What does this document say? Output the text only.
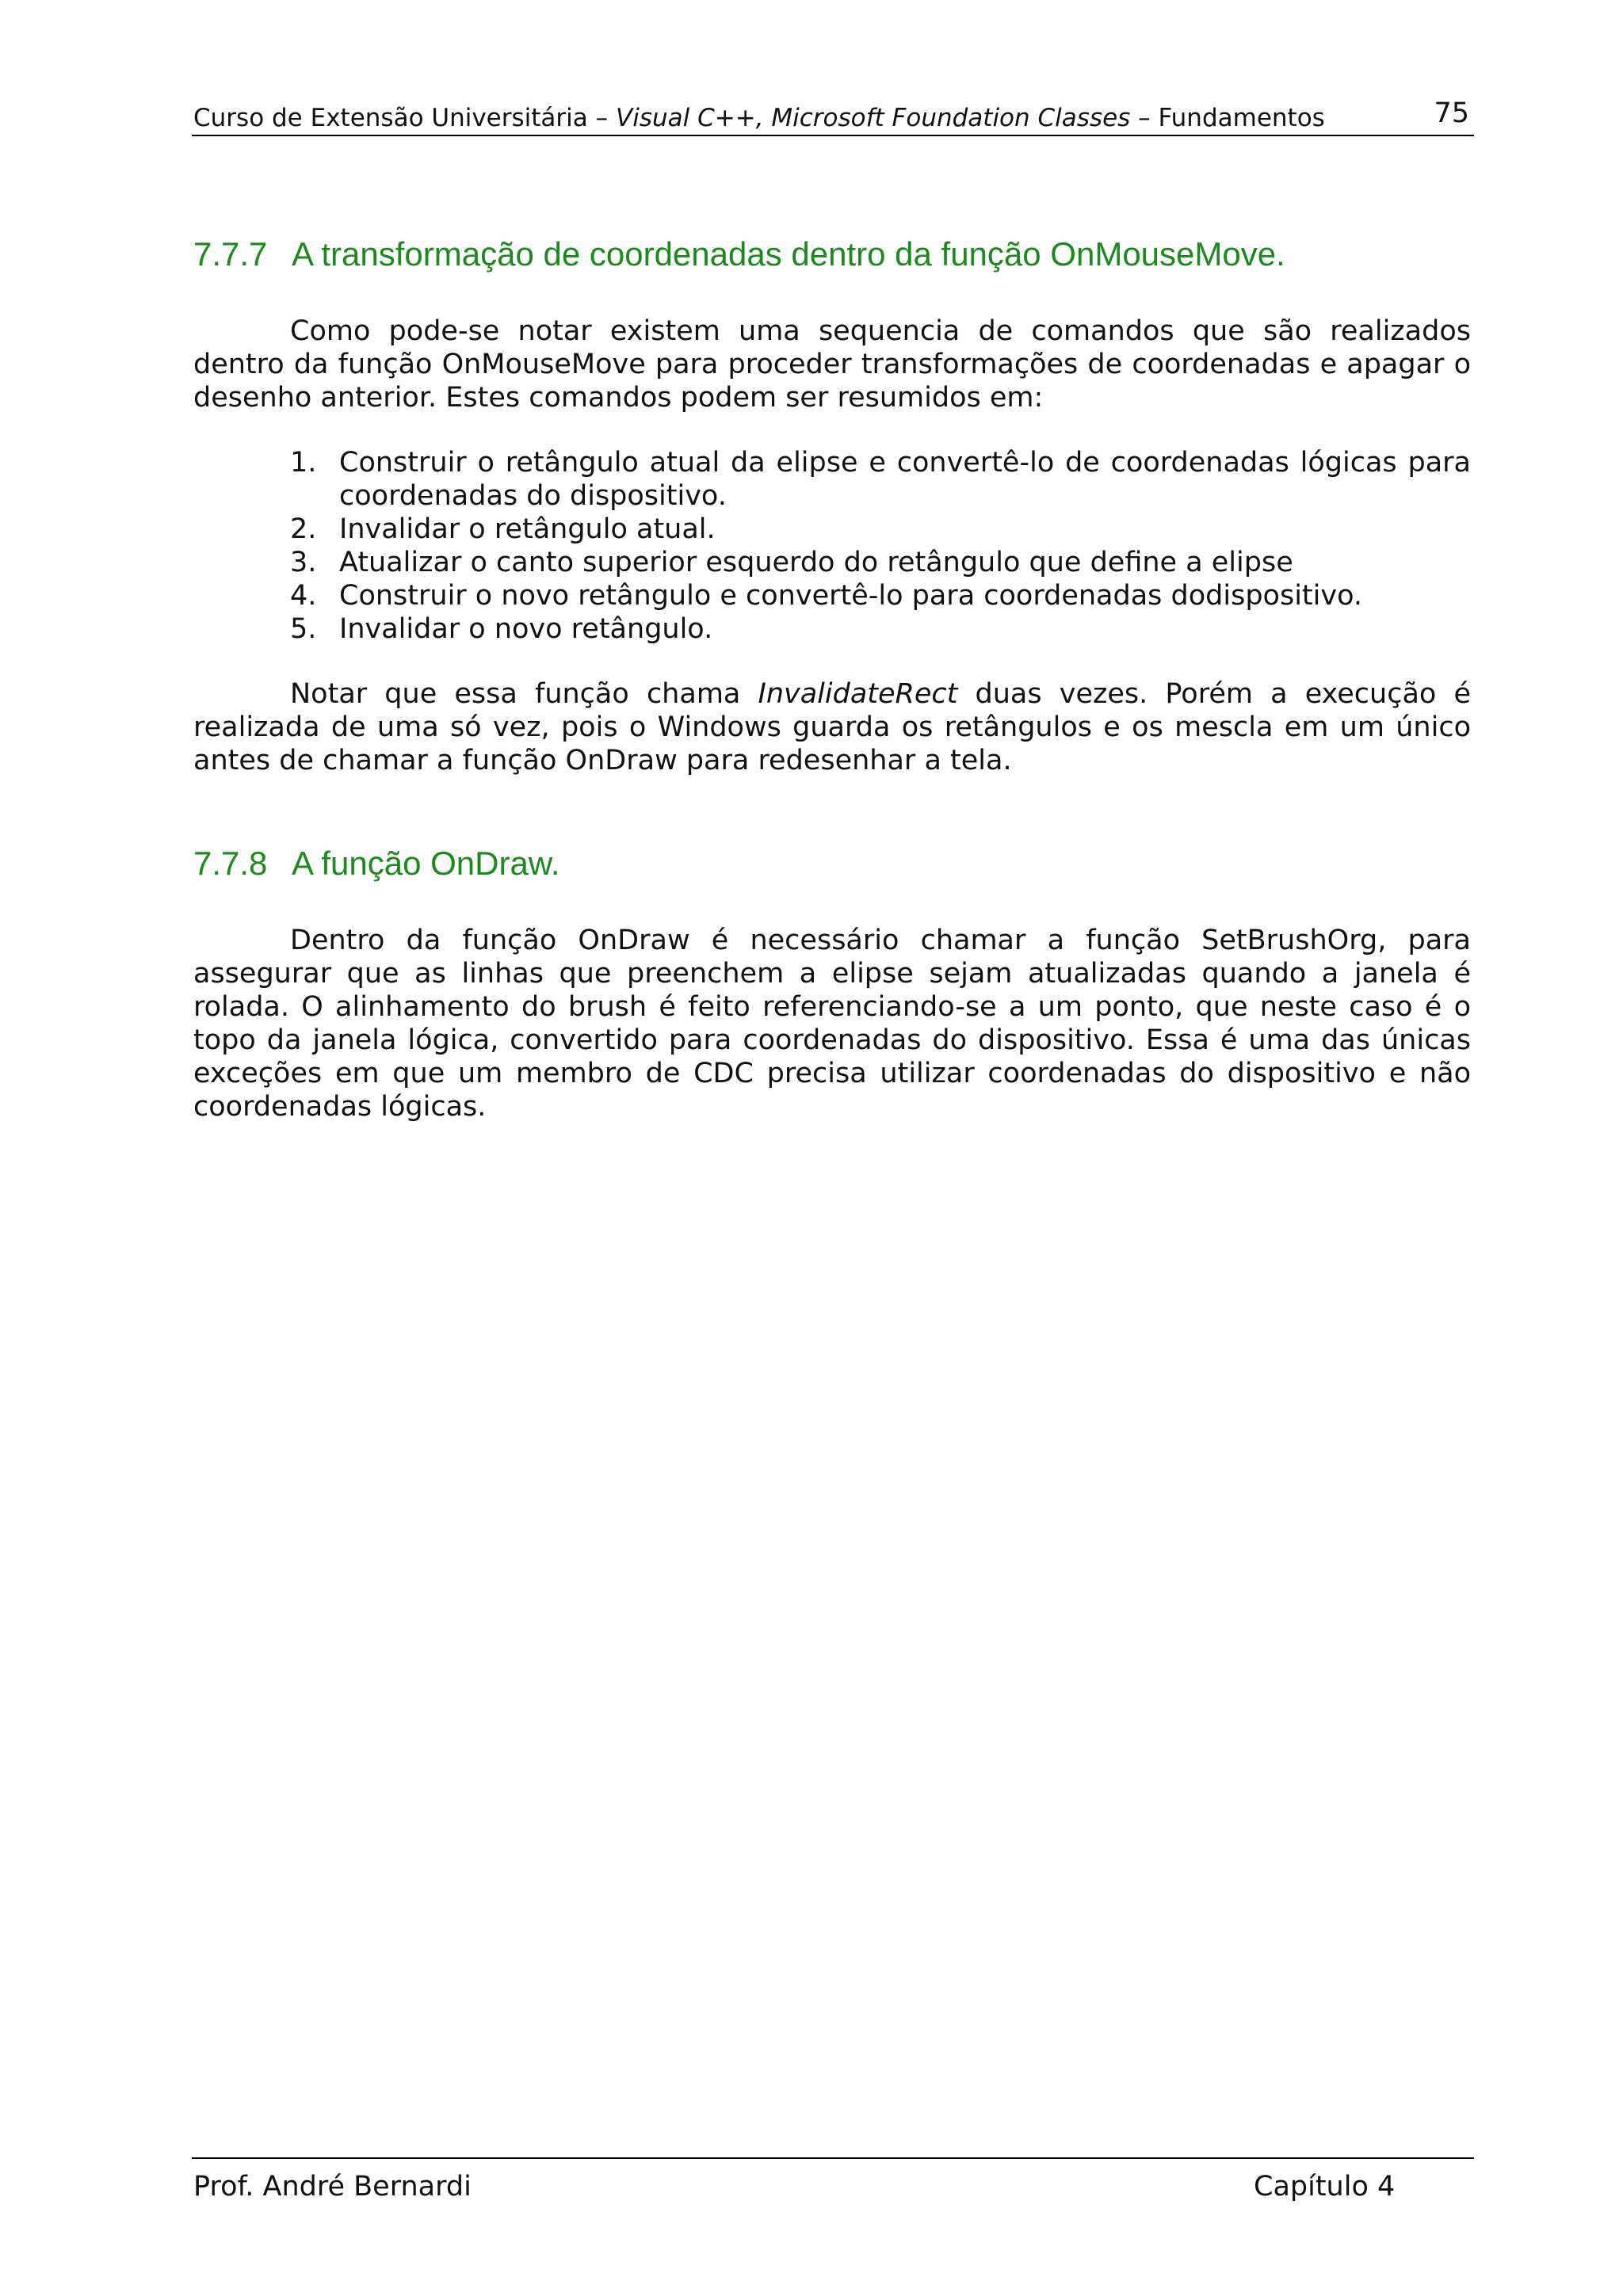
Curso de Extensão Universitária – Visual C++, Microsoft Foundation Classes – Fundamentos	75
7.7.7 A transformação de coordenadas dentro da função OnMouseMove.

Como pode-se notar existem uma sequencia de comandos que são realizados dentro da função OnMouseMove para proceder transformações de coordenadas e apagar o desenho anterior. Estes comandos podem ser resumidos em:

1. Construir o retângulo atual da elipse e convertê-lo de coordenadas lógicas para coordenadas do dispositivo.
2. Invalidar o retângulo atual.
3. Atualizar o canto superior esquerdo do retângulo que define a elipse
4. Construir o novo retângulo e convertê-lo para coordenadas dodispositivo.
5. Invalidar o novo retângulo.

Notar que essa função chama InvalidateRect duas vezes. Porém a execução é realizada de uma só vez, pois o Windows guarda os retângulos e os mescla em um único antes de chamar a função OnDraw para redesenhar a tela.

7.7.8 A função OnDraw.

Dentro da função OnDraw é necessário chamar a função SetBrushOrg, para assegurar que as linhas que preenchem a elipse sejam atualizadas quando a janela é rolada. O alinhamento do brush é feito referenciando-se a um ponto, que neste caso é o topo da janela lógica, convertido para coordenadas do dispositivo. Essa é uma das únicas exceções em que um membro de CDC precisa utilizar coordenadas do dispositivo e não coordenadas lógicas.

Prof. André Bernardi	Capítulo 4
